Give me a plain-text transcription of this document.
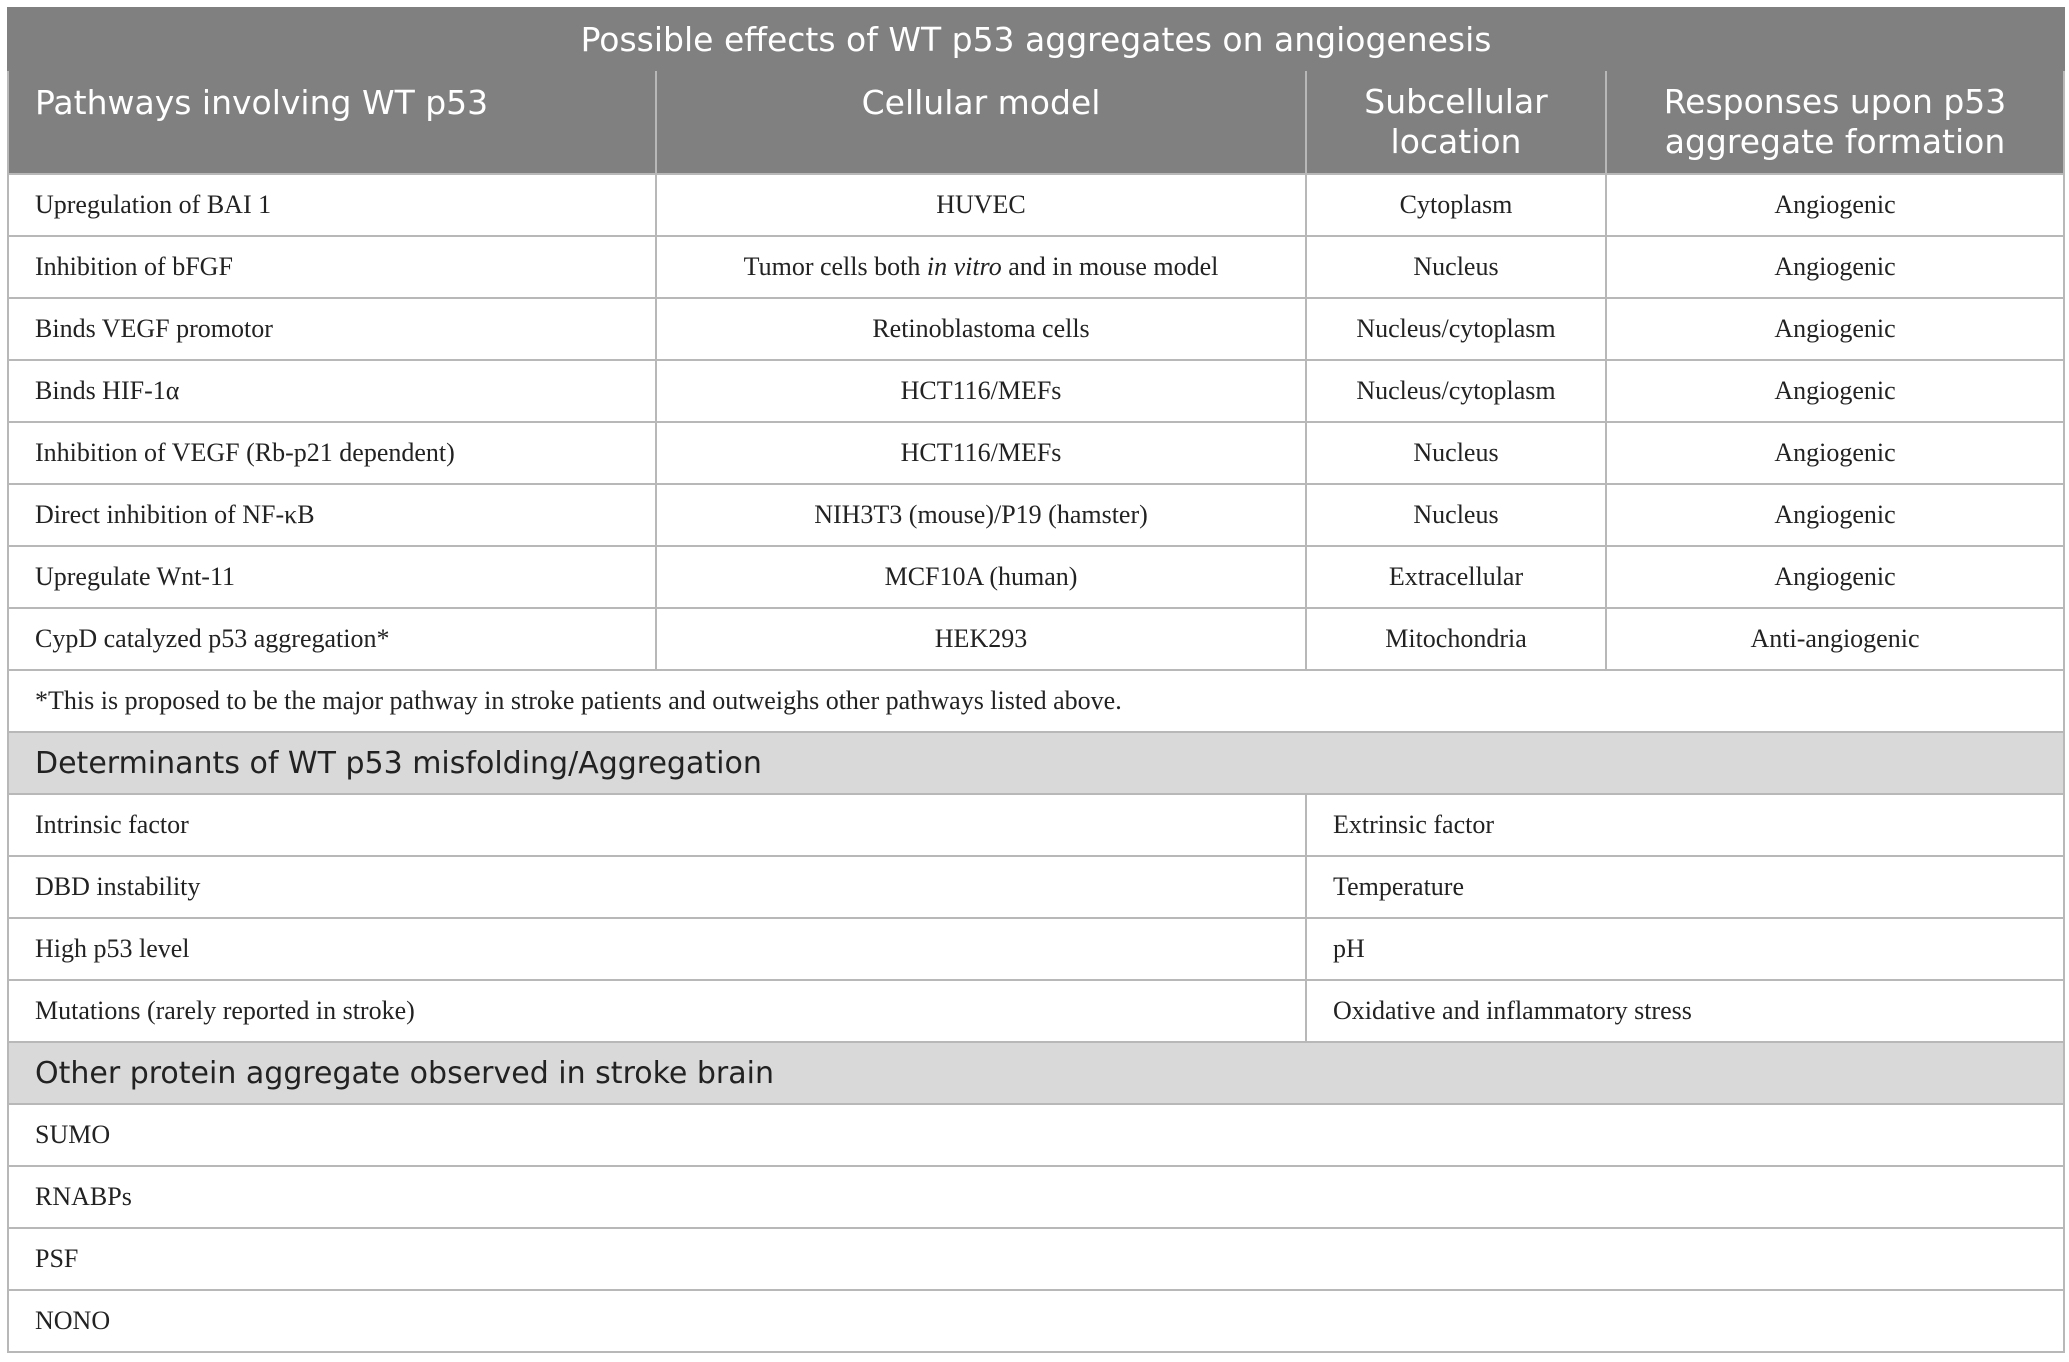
Possible effects of WT p53 aggregates on angiogenesis			
Pathways involving WT p53	Cellular model	Subcellular location	Responses upon p53 aggregate formation
Upregulation of BAI 1	HUVEC	Cytoplasm	Angiogenic
Inhibition of bFGF	Tumor cells both in vitro and in mouse model	Nucleus	Angiogenic
Binds VEGF promotor	Retinoblastoma cells	Nucleus/cytoplasm	Angiogenic
Binds HIF-1α	HCT116/MEFs	Nucleus/cytoplasm	Angiogenic
Inhibition of VEGF (Rb-p21 dependent)	HCT116/MEFs	Nucleus	Angiogenic
Direct inhibition of NF-κB	NIH3T3 (mouse)/P19 (hamster)	Nucleus	Angiogenic
Upregulate Wnt-11	MCF10A (human)	Extracellular	Angiogenic
CypD catalyzed p53 aggregation*	HEK293	Mitochondria	Anti-angiogenic
*This is proposed to be the major pathway in stroke patients and outweighs other pathways listed above.			
Determinants of WT p53 misfolding/Aggregation			
Intrinsic factor		Extrinsic factor	
DBD instability		Temperature	
High p53 level		pH	
Mutations (rarely reported in stroke)		Oxidative and inflammatory stress	
Other protein aggregate observed in stroke brain			
SUMO			
RNABPs			
PSF			
NONO			
